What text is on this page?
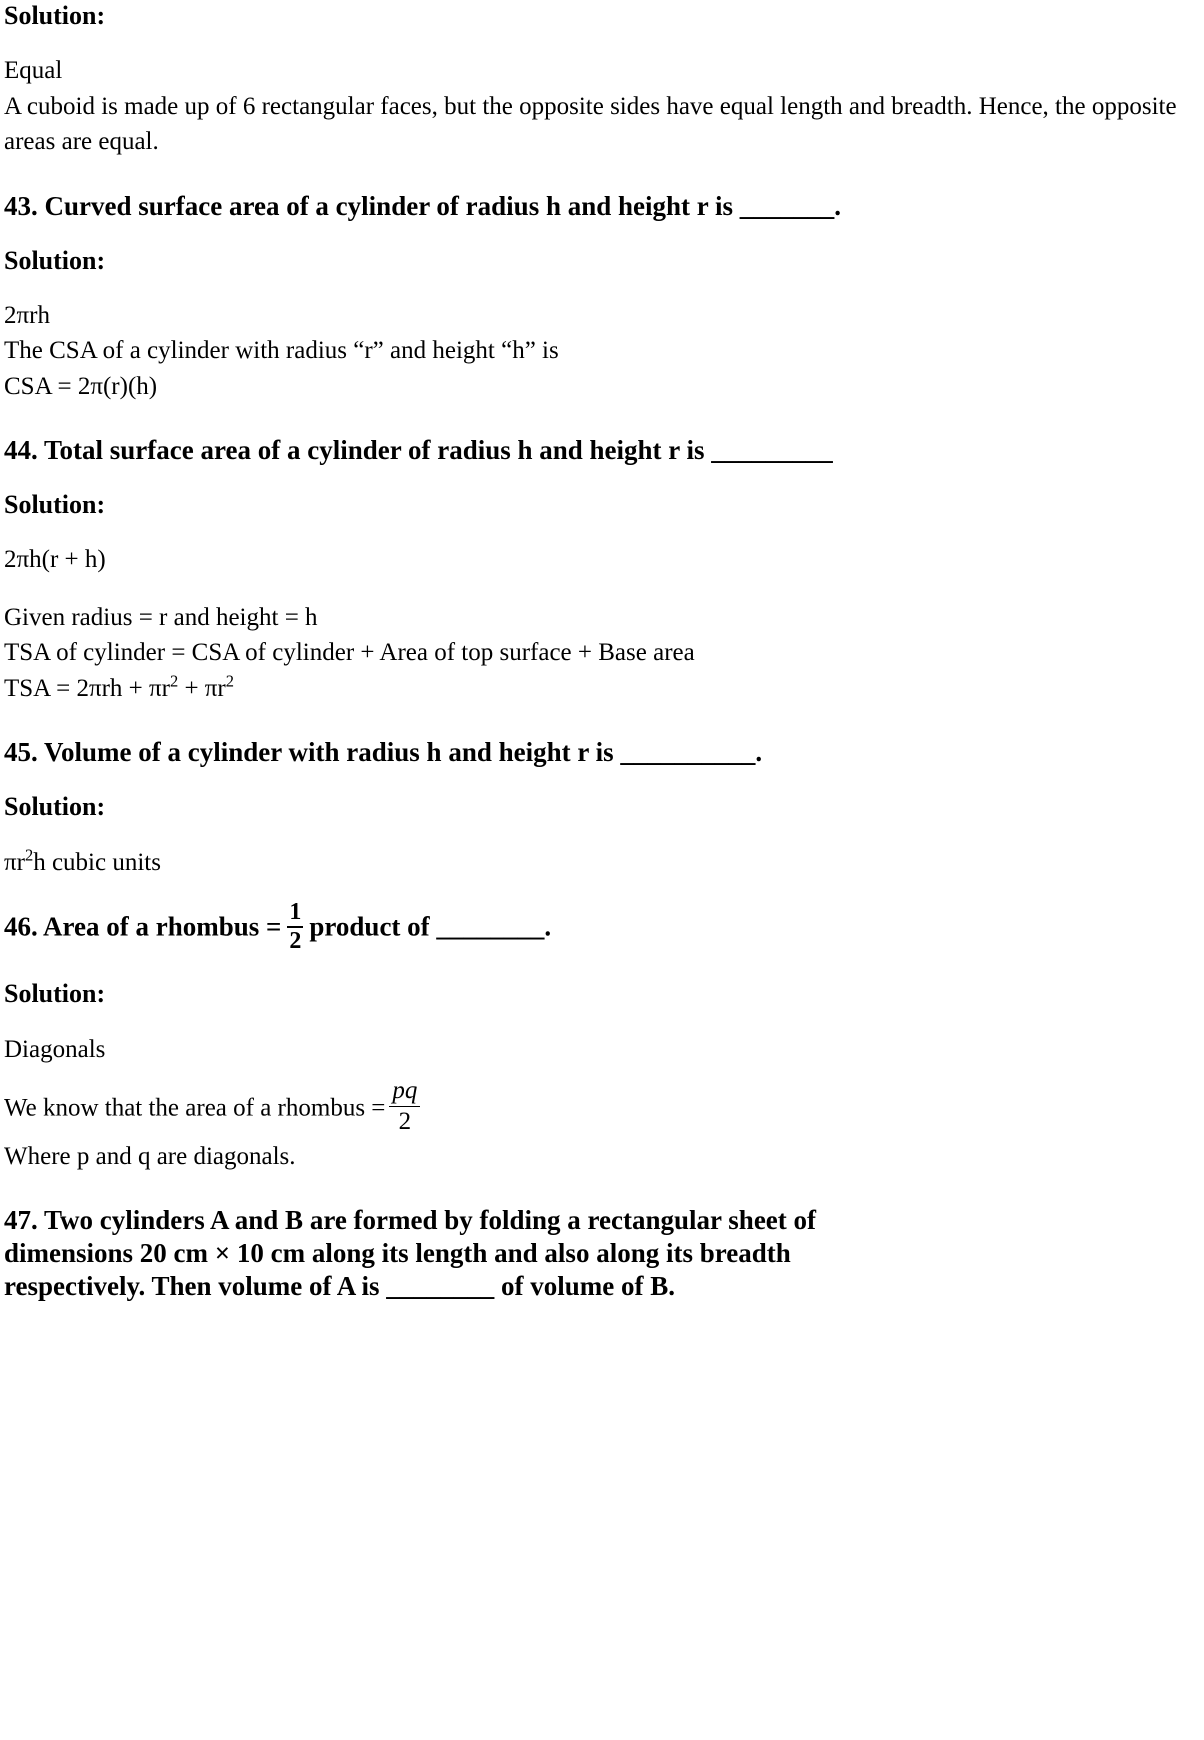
Solution:
Equal
A cuboid is made up of 6 rectangular faces, but the opposite sides have equal length and breadth. Hence, the opposite areas are equal.
43. Curved surface area of a cylinder of radius h and height r is _______.
Solution:
2πrh
The CSA of a cylinder with radius “r” and height “h” is
CSA = 2π(r)(h)
44. Total surface area of a cylinder of radius h and height r is _________
Solution:
2πh(r + h)
Given radius = r and height = h
TSA of cylinder = CSA of cylinder + Area of top surface + Base area
TSA = $2\pi rh + \pi r^2 + \pi r^2$
45. Volume of a cylinder with radius h and height r is __________.
Solution:
$\pi r^2h$ cubic units
46. Area of a rhombus = $\frac{1}{2}$ product of ________.
Solution:
Diagonals
We know that the area of a rhombus = $\frac{pq}{2}$
Where p and q are diagonals.
47. Two cylinders A and B are formed by folding a rectangular sheet of
dimensions 20 cm × 10 cm along its length and also along its breadth
respectively. Then volume of A is ________ of volume of B.
